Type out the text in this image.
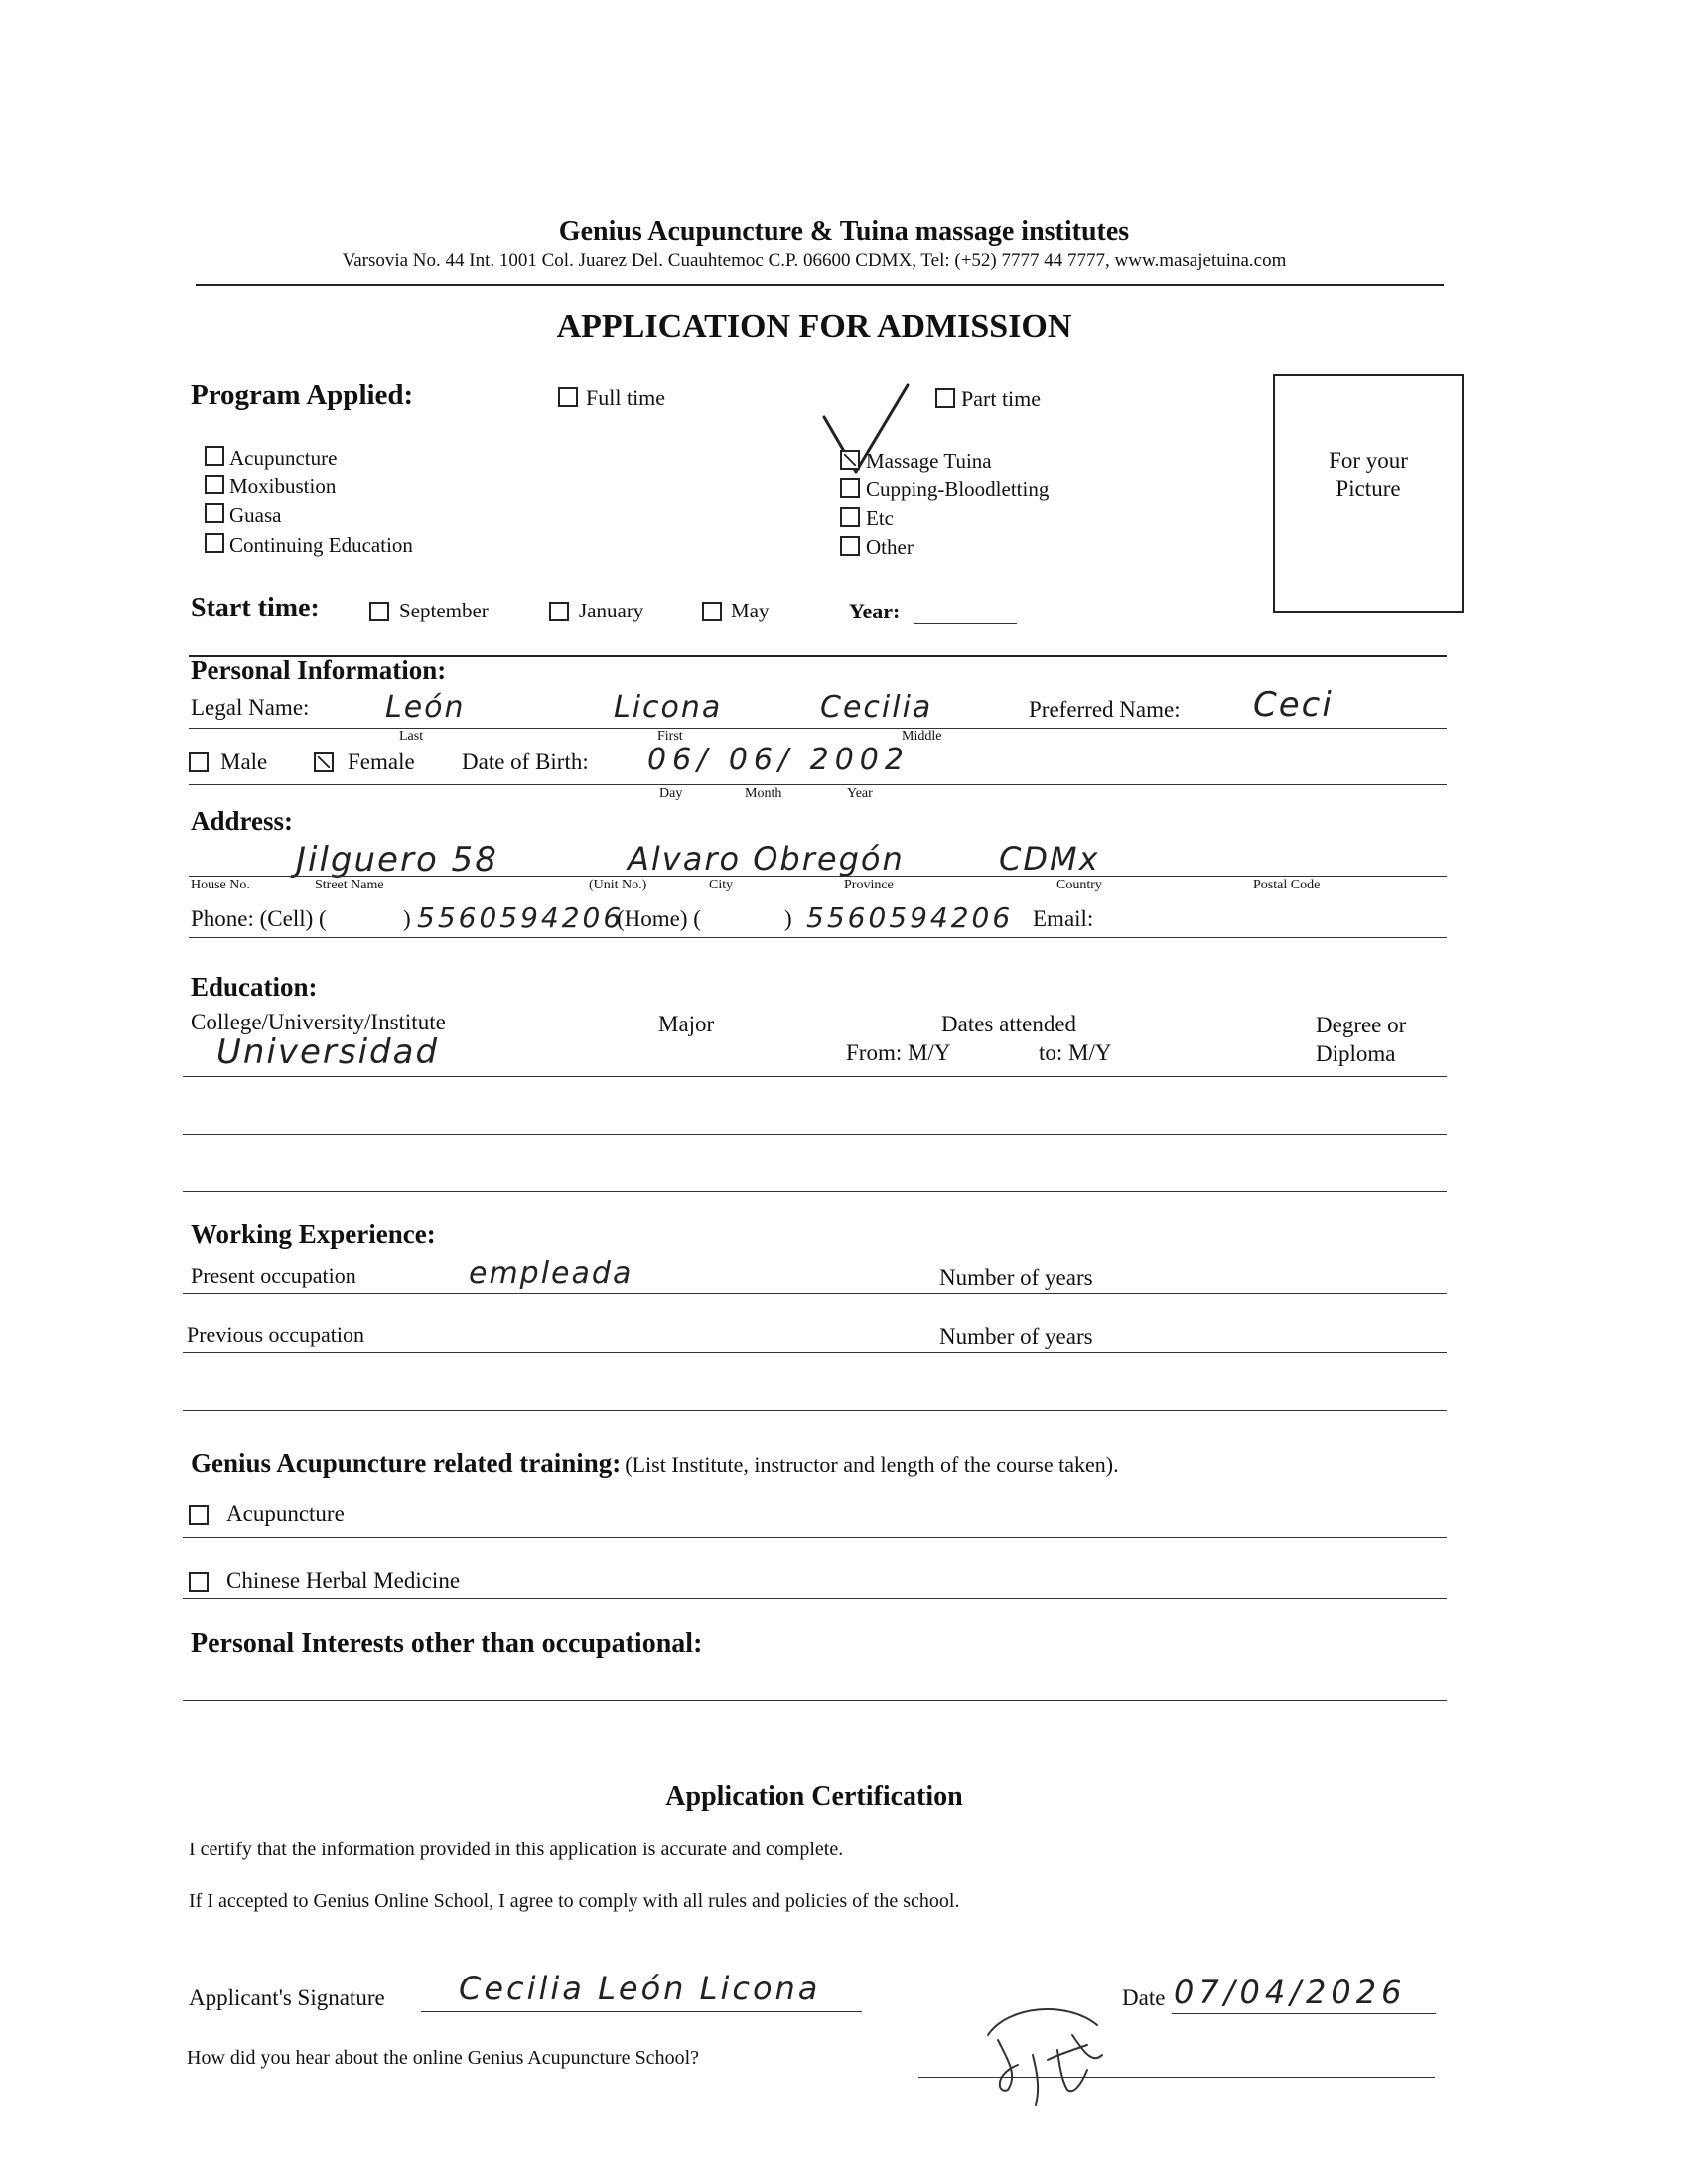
Genius Acupuncture & Tuina massage institutes
Varsovia No. 44 Int. 1001 Col. Juarez Del. Cuauhtemoc C.P. 06600 CDMX, Tel: (+52) 7777 44 7777, www.masajetuina.com
APPLICATION FOR ADMISSION
Program Applied:	Full time	Part time
Acupuncture
Moxibustion
Guasa
Continuing Education
Massage Tuina
Cupping-Bloodletting
Etc
Other
For your
Picture
Start time:	September	January	May	Year:
Personal Information:
Legal Name:	León	Licona	Cecilia	Preferred Name: Ceci
Last	First	Middle
Male	Female Date of Birth: 06/ 06/ 2002
Day	Month	Year
Address:
Jilguero 58	Alvaro Obregón	CDMx
House No.	Street Name	(Unit No.)	City	Province	Country	Postal Code
Phone: (Cell) (	) 5560594206
(Home) (	) 5560594206 Email:
Education:
College/University/Institute	Major	Dates attended
From: M/Y	to: M/Y
Degree or
Diploma
Universidad
Working Experience:
Present occupation	empleada	Number of years
Previous occupation	Number of years
Genius Acupuncture related training: (List Institute, instructor and length of the course taken).
Acupuncture
Chinese Herbal Medicine
Personal Interests other than occupational:
Application Certification
I certify that the information provided in this application is accurate and complete.
If I accepted to Genius Online School, I agree to comply with all rules and policies of the school.
Applicant's Signature Cecilia León Licona	Date 07/04/2026
How did you hear about the online Genius Acupuncture School?
